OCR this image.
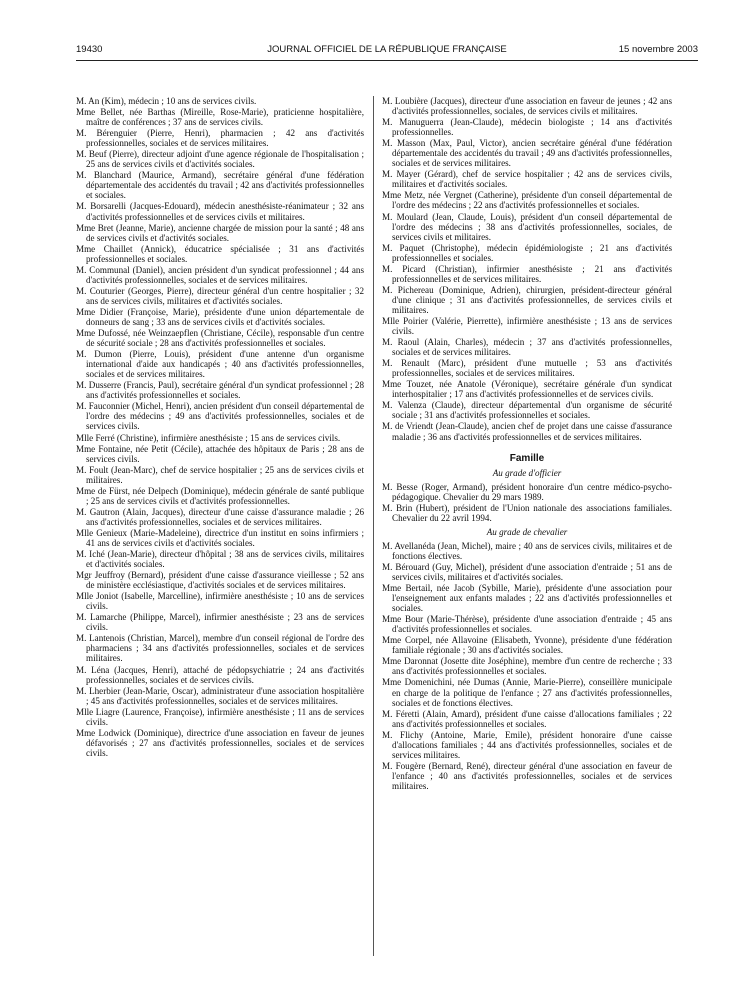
19430	JOURNAL OFFICIEL DE LA RÉPUBLIQUE FRANÇAISE	15 novembre 2003

M. An (Kim), médecin ; 10 ans de services civils.

Mme Bellet, née Barthas (Mireille, Rose-Marie), praticienne hospitalière, maître de conférences ; 37 ans de services civils.

M. Bérenguier (Pierre, Henri), pharmacien ; 42 ans d'activités professionnelles, sociales et de services militaires.

M. Beuf (Pierre), directeur adjoint d'une agence régionale de l'hospitalisation ; 25 ans de services civils et d'activités sociales.

M. Blanchard (Maurice, Armand), secrétaire général d'une fédération départementale des accidentés du travail ; 42 ans d'activités professionnelles et sociales.

M. Borsarelli (Jacques-Edouard), médecin anesthésiste-réanimateur ; 32 ans d'activités professionnelles et de services civils et militaires.

Mme Bret (Jeanne, Marie), ancienne chargée de mission pour la santé ; 48 ans de services civils et d'activités sociales.

Mme Chaillet (Annick), éducatrice spécialisée ; 31 ans d'activités professionnelles et sociales.

M. Communal (Daniel), ancien président d'un syndicat professionnel ; 44 ans d'activités professionnelles, sociales et de services militaires.

M. Couturier (Georges, Pierre), directeur général d'un centre hospitalier ; 32 ans de services civils, militaires et d'activités sociales.

Mme Didier (Françoise, Marie), présidente d'une union départementale de donneurs de sang ; 33 ans de services civils et d'activités sociales.

Mme Dufossé, née Weinzaepflen (Christiane, Cécile), responsable d'un centre de sécurité sociale ; 28 ans d'activités professionnelles et sociales.

M. Dumon (Pierre, Louis), président d'une antenne d'un organisme international d'aide aux handicapés ; 40 ans d'activités professionnelles, sociales et de services militaires.

M. Dusserre (Francis, Paul), secrétaire général d'un syndicat professionnel ; 28 ans d'activités professionnelles et sociales.

M. Fauconnier (Michel, Henri), ancien président d'un conseil départemental de l'ordre des médecins ; 49 ans d'activités professionnelles, sociales et de services civils.

Mlle Ferré (Christine), infirmière anesthésiste ; 15 ans de services civils.

Mme Fontaine, née Petit (Cécile), attachée des hôpitaux de Paris ; 28 ans de services civils.

M. Foult (Jean-Marc), chef de service hospitalier ; 25 ans de services civils et militaires.

Mme de Fürst, née Delpech (Dominique), médecin générale de santé publique ; 25 ans de services civils et d'activités professionnelles.

M. Gautron (Alain, Jacques), directeur d'une caisse d'assurance maladie ; 26 ans d'activités professionnelles, sociales et de services militaires.

Mlle Genieux (Marie-Madeleine), directrice d'un institut en soins infirmiers ; 41 ans de services civils et d'activités sociales.

M. Iché (Jean-Marie), directeur d'hôpital ; 38 ans de services civils, militaires et d'activités sociales.

Mgr Jeuffroy (Bernard), président d'une caisse d'assurance vieillesse ; 52 ans de ministère ecclésiastique, d'activités sociales et de services militaires.

Mlle Joniot (Isabelle, Marcelline), infirmière anesthésiste ; 10 ans de services civils.

M. Lamarche (Philippe, Marcel), infirmier anesthésiste ; 23 ans de services civils.

M. Lantenois (Christian, Marcel), membre d'un conseil régional de l'ordre des pharmaciens ; 34 ans d'activités professionnelles, sociales et de services militaires.

M. Léna (Jacques, Henri), attaché de pédopsychiatrie ; 24 ans d'activités professionnelles, sociales et de services civils.

M. Lherbier (Jean-Marie, Oscar), administrateur d'une association hospitalière ; 45 ans d'activités professionnelles, sociales et de services militaires.

Mlle Liagre (Laurence, Françoise), infirmière anesthésiste ; 11 ans de services civils.

Mme Lodwick (Dominique), directrice d'une association en faveur de jeunes défavorisés ; 27 ans d'activités professionnelles, sociales et de services civils.

M. Loubière (Jacques), directeur d'une association en faveur de jeunes ; 42 ans d'activités professionnelles, sociales, de services civils et militaires.

M. Manuguerra (Jean-Claude), médecin biologiste ; 14 ans d'activités professionnelles.

M. Masson (Max, Paul, Victor), ancien secrétaire général d'une fédération départementale des accidentés du travail ; 49 ans d'activités professionnelles, sociales et de services militaires.

M. Mayer (Gérard), chef de service hospitalier ; 42 ans de services civils, militaires et d'activités sociales.

Mme Metz, née Vergnet (Catherine), présidente d'un conseil départemental de l'ordre des médecins ; 22 ans d'activités professionnelles et sociales.

M. Moulard (Jean, Claude, Louis), président d'un conseil départemental de l'ordre des médecins ; 38 ans d'activités professionnelles, sociales, de services civils et militaires.

M. Paquet (Christophe), médecin épidémiologiste ; 21 ans d'activités professionnelles et sociales.

M. Picard (Christian), infirmier anesthésiste ; 21 ans d'activités professionnelles et de services militaires.

M. Pichereau (Dominique, Adrien), chirurgien, président-directeur général d'une clinique ; 31 ans d'activités professionnelles, de services civils et militaires.

Mlle Poirier (Valérie, Pierrette), infirmière anesthésiste ; 13 ans de services civils.

M. Raoul (Alain, Charles), médecin ; 37 ans d'activités professionnelles, sociales et de services militaires.

M. Renault (Marc), président d'une mutuelle ; 53 ans d'activités professionnelles, sociales et de services militaires.

Mme Touzet, née Anatole (Véronique), secrétaire générale d'un syndicat interhospitalier ; 17 ans d'activités professionnelles et de services civils.

M. Valenza (Claude), directeur départemental d'un organisme de sécurité sociale ; 31 ans d'activités professionnelles et sociales.

M. de Vriendt (Jean-Claude), ancien chef de projet dans une caisse d'assurance maladie ; 36 ans d'activités professionnelles et de services militaires.

Famille
Au grade d'officier

M. Besse (Roger, Armand), président honoraire d'un centre médico-psycho-pédagogique. Chevalier du 29 mars 1989.

M. Brin (Hubert), président de l'Union nationale des associations familiales. Chevalier du 22 avril 1994.

Au grade de chevalier

M. Avellanéda (Jean, Michel), maire ; 40 ans de services civils, militaires et de fonctions électives.

M. Bérouard (Guy, Michel), président d'une association d'entraide ; 51 ans de services civils, militaires et d'activités sociales.

Mme Bertail, née Jacob (Sybille, Marie), présidente d'une association pour l'enseignement aux enfants malades ; 22 ans d'activités professionnelles et sociales.

Mme Bour (Marie-Thérèse), présidente d'une association d'entraide ; 45 ans d'activités professionnelles et sociales.

Mme Corpel, née Allavoine (Elisabeth, Yvonne), présidente d'une fédération familiale régionale ; 30 ans d'activités sociales.

Mme Daronnat (Josette dite Joséphine), membre d'un centre de recherche ; 33 ans d'activités professionnelles et sociales.

Mme Domenichini, née Dumas (Annie, Marie-Pierre), conseillère municipale en charge de la politique de l'enfance ; 27 ans d'activités professionnelles, sociales et de fonctions électives.

M. Féretti (Alain, Amard), président d'une caisse d'allocations familiales ; 22 ans d'activités professionnelles et sociales.

M. Flichy (Antoine, Marie, Emile), président honoraire d'une caisse d'allocations familiales ; 44 ans d'activités professionnelles, sociales et de services militaires.

M. Fougère (Bernard, René), directeur général d'une association en faveur de l'enfance ; 40 ans d'activités professionnelles, sociales et de services militaires.
